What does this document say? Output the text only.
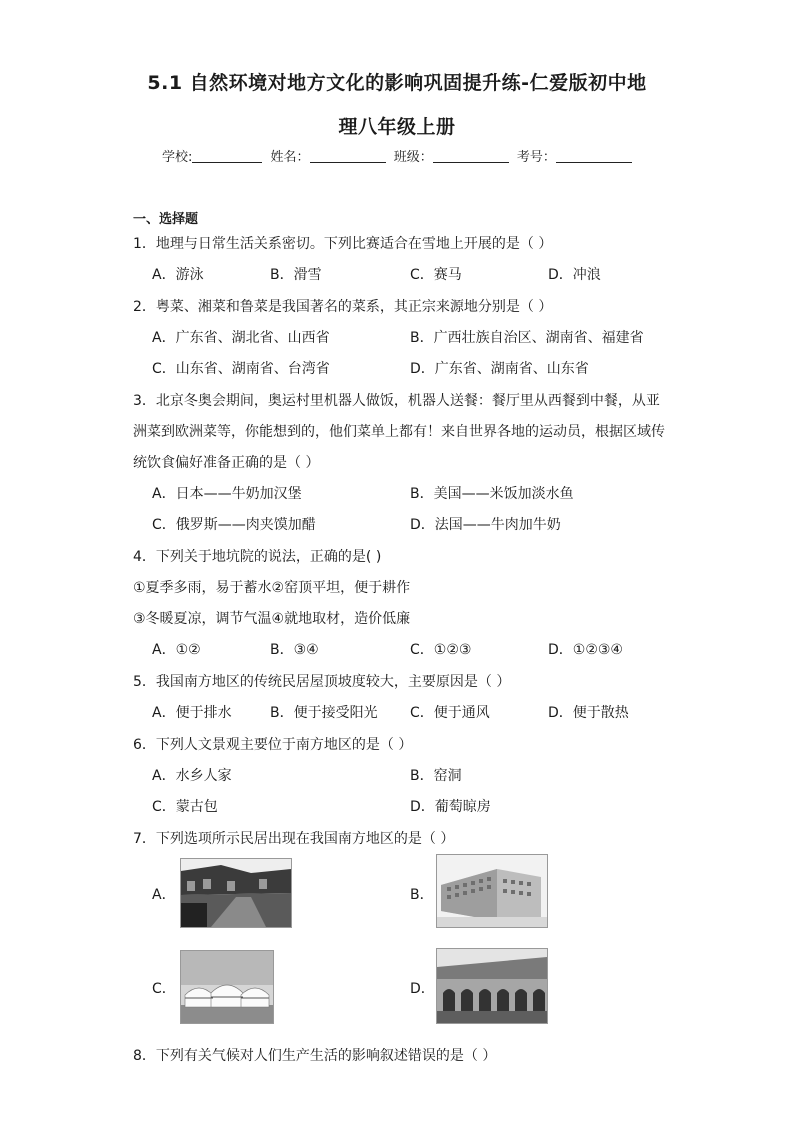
5.1 自然环境对地方文化的影响巩固提升练-仁爱版初中地
理八年级上册
学校:	姓名：	班级：	考号：
一、选择题
1．地理与日常生活关系密切。下列比赛适合在雪地上开展的是（ ）
A．游泳	B．滑雪	C．赛马	D．冲浪
2．粤菜、湘菜和鲁菜是我国著名的菜系，其正宗来源地分别是（ ）
A．广东省、湖北省、山西省	B．广西壮族自治区、湖南省、福建省
C．山东省、湖南省、台湾省	D．广东省、湖南省、山东省
3．北京冬奥会期间，奥运村里机器人做饭，机器人送餐：餐厅里从西餐到中餐，从亚
洲菜到欧洲菜等，你能想到的，他们菜单上都有！来自世界各地的运动员，根据区域传
统饮食偏好准备正确的是（ ）
A．日本——牛奶加汉堡	B．美国——米饭加淡水鱼
C．俄罗斯——肉夹馍加醋	D．法国——牛肉加牛奶
4．下列关于地坑院的说法，正确的是( )
①夏季多雨，易于蓄水②窑顶平坦，便于耕作
③冬暖夏凉，调节气温④就地取材，造价低廉
A．①②	B．③④	C．①②③	D．①②③④
5．我国南方地区的传统民居屋顶坡度较大，主要原因是（ ）
A．便于排水	B．便于接受阳光 C．便于通风	D．便于散热
6．下列人文景观主要位于南方地区的是（ ）
A．水乡人家	B．窑洞
C．蒙古包	D．葡萄晾房
7．下列选项所示民居出现在我国南方地区的是（ ）
A．	B．
C．	D．
8．下列有关气候对人们生产生活的影响叙述错误的是（ ）
